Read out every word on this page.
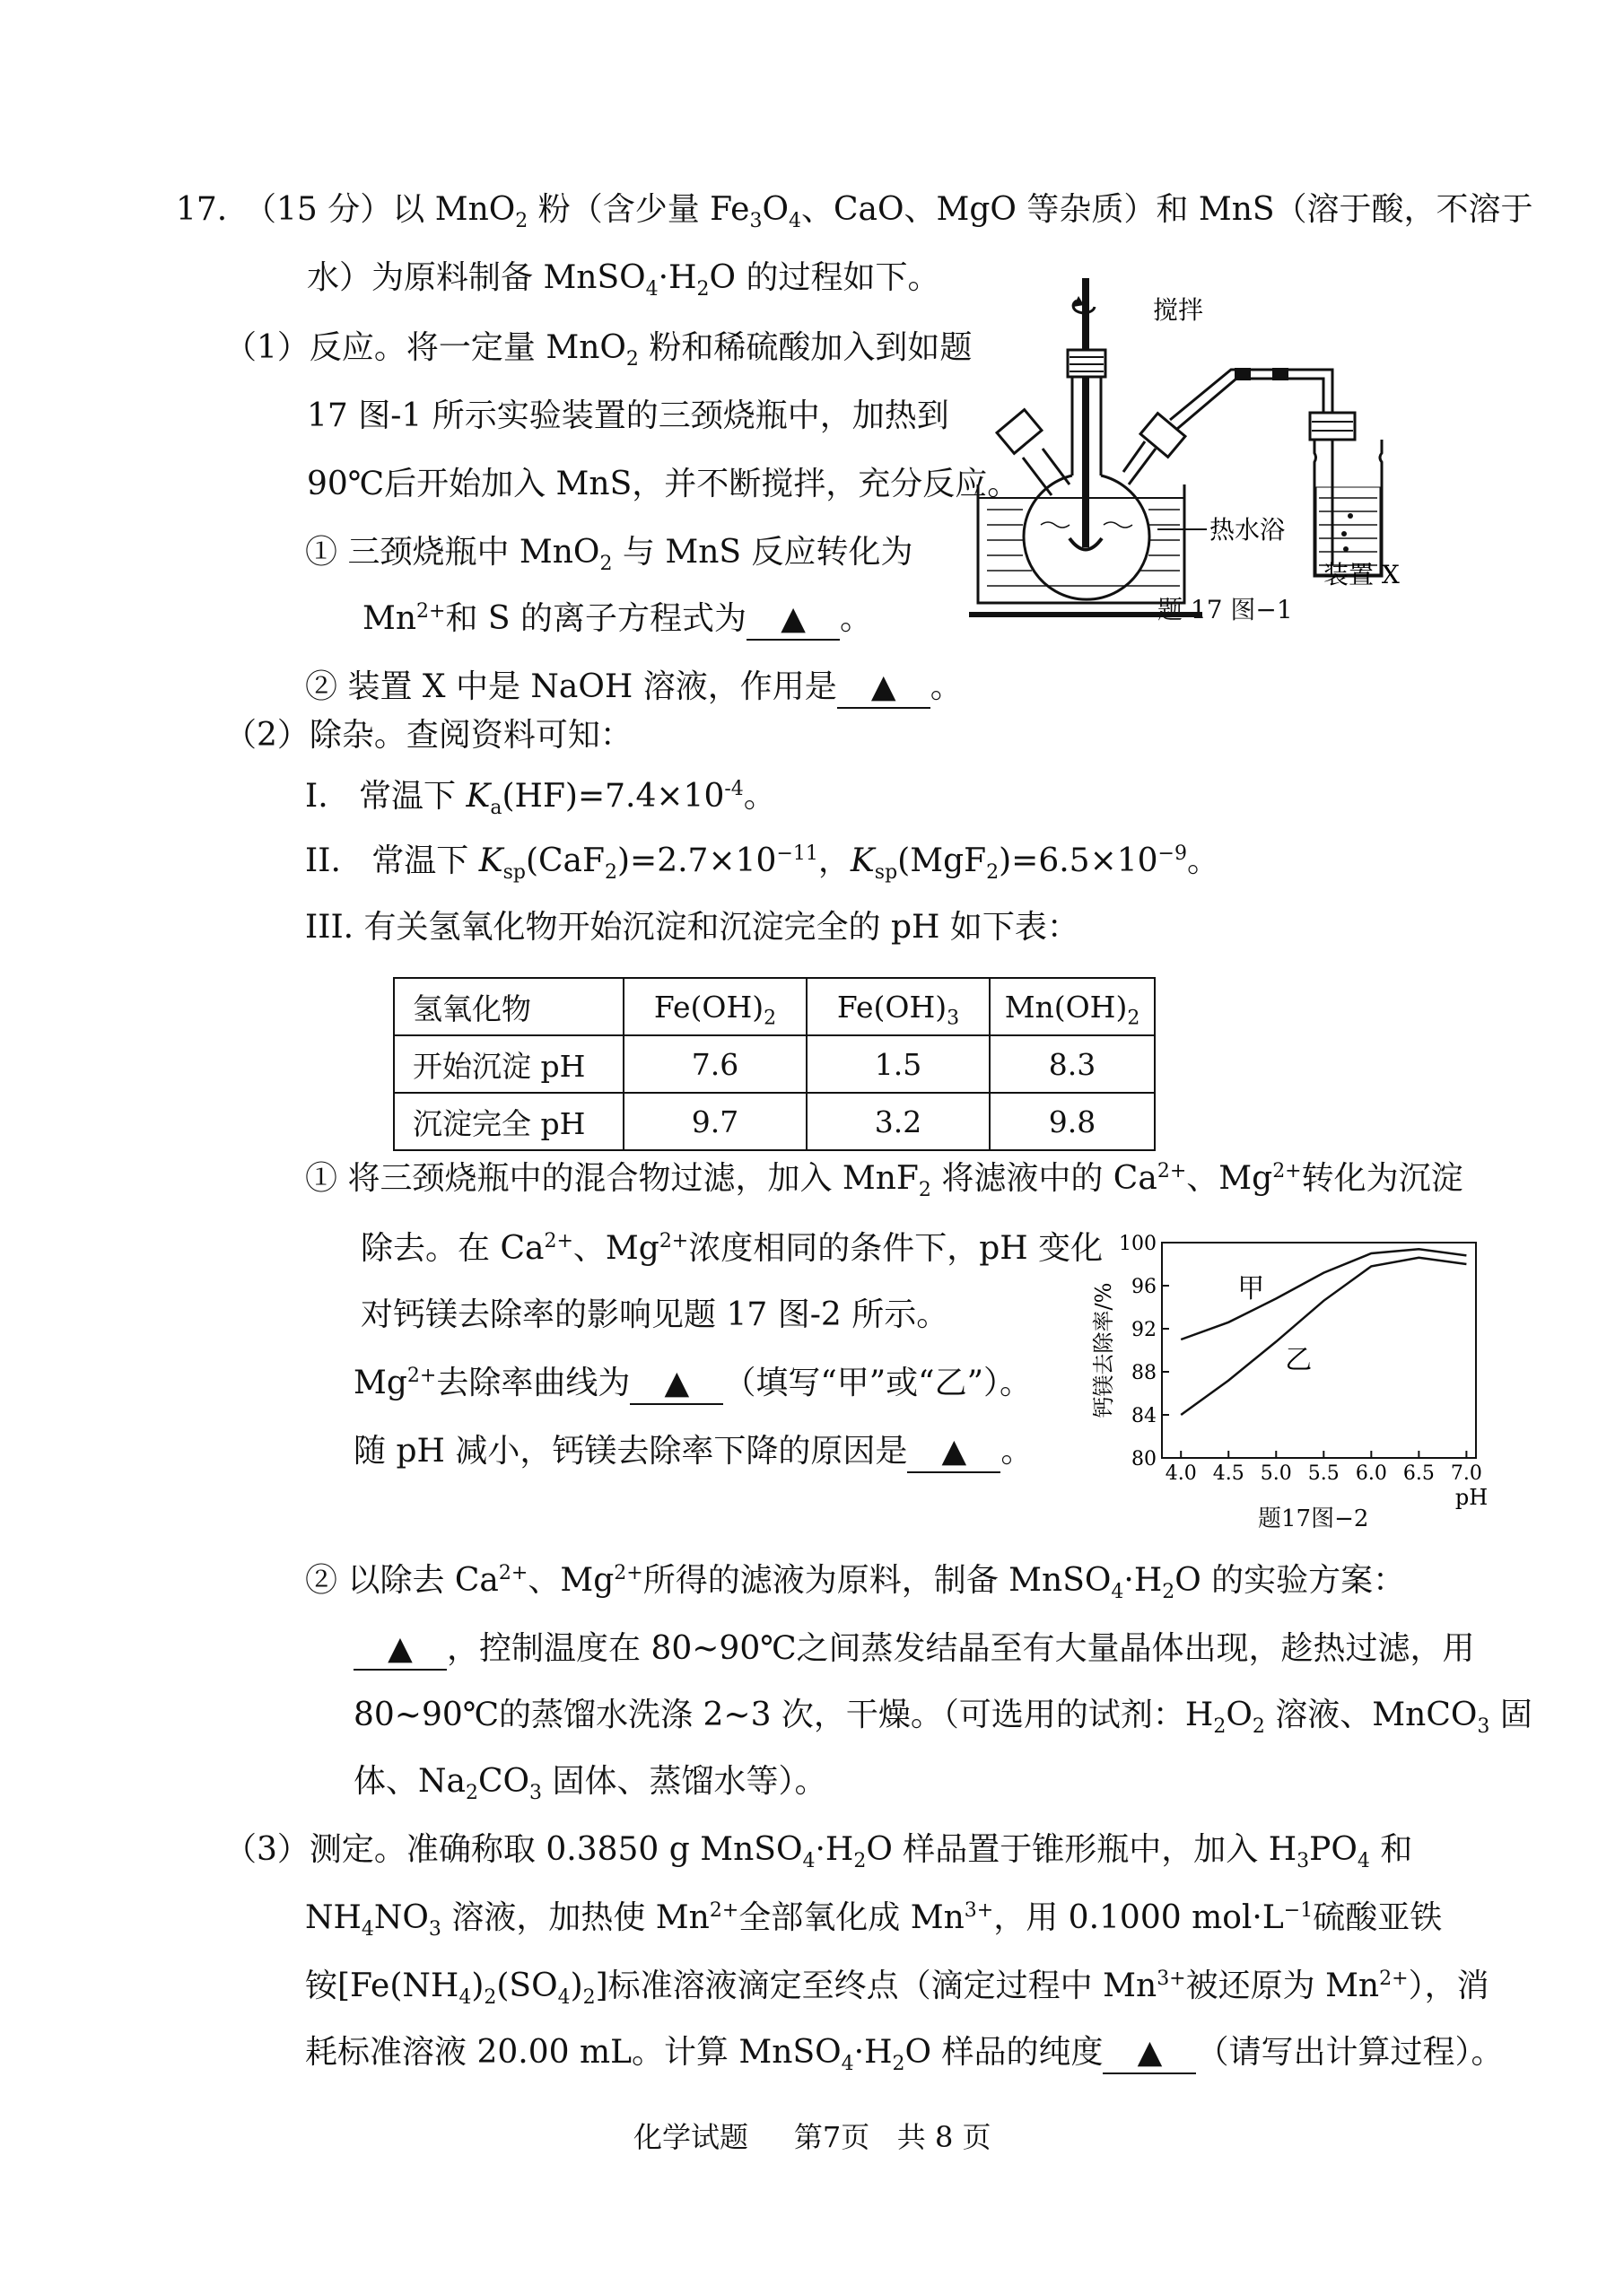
17. （15 分）以 MnO$_2$ 粉（含少量 $Fe_3O_4$、CaO、MgO 等杂质）和 MnS（溶于酸，不溶于
水）为原料制备 $MnSO_4\cdot H_2O$ 的过程如下。
（1）反应。将一定量 MnO$_2$ 粉和稀硫酸加入到如题
17 图-1 所示实验装置的三颈烧瓶中，加热到
90℃后开始加入 MnS，并不断搅拌，充分反应。
① 三颈烧瓶中 MnO$_2$ 与 MnS 反应转化为
$Mn^{2+}$和 S 的离子方程式为 ▲ 。
② 装置 X 中是 NaOH 溶液，作用是 ▲ 。
搅拌
热水浴
装置 X
题 17 图−1
（2）除杂。查阅资料可知：
I. 常温下 $K_a(HF)=7.4\times 10^{-4}$。
II. 常温下 $K_{sp}(CaF_2)=2.7\times 10^{-11}$，$K_{sp}(MgF_2)=6.5\times 10^{-9}$。
III. 有关氢氧化物开始沉淀和沉淀完全的 pH 如下表：
氢氧化物	$Fe(OH)_2$	$Fe(OH)_3$	$Mn(OH)_2$
开始沉淀 pH	7.6	1.5	8.3
沉淀完全 pH	9.7	3.2	9.8
① 将三颈烧瓶中的混合物过滤，加入 MnF$_2$ 将滤液中的 $Ca^{2+}$、$Mg^{2+}$转化为沉淀
除去。在 $Ca^{2+}$、$Mg^{2+}$浓度相同的条件下，pH 变化
对钙镁去除率的影响见题 17 图-2 所示。
$Mg^{2+}$去除率曲线为 ▲ （填写“甲”或“乙”）。
随 pH 减小，钙镁去除率下降的原因是 ▲ 。	80
84
88
92
96
100
4.0 4.5 5.0 5.5 6.0 6.5 7.0
pH
钙镁去除率/%	甲
乙
题17图−2
② 以除去 $Ca^{2+}$、$Mg^{2+}$所得的滤液为原料，制备 $MnSO_4\cdot H_2O$ 的实验方案：
▲ ，控制温度在 80~90℃之间蒸发结晶至有大量晶体出现，趁热过滤，用
80~90℃的蒸馏水洗涤 2~3 次，干燥。（可选用的试剂：$H_2O_2$ 溶液、MnCO$_3$ 固
体、$Na_2CO_3$ 固体、蒸馏水等）。
（3）测定。准确称取 0.3850 g $MnSO_4\cdot H_2O$ 样品置于锥形瓶中，加入 $H_3PO_4$ 和
$NH_4NO_3$ 溶液，加热使 $Mn^{2+}$全部氧化成 $Mn^{3+}$，用 0.1000 $mol\cdot L^{-1}$硫酸亚铁
铵$[Fe(NH_4)_2(SO_4)_2]$标准溶液滴定至终点（滴定过程中 $Mn^{3+}$被还原为 $Mn^{2+}$），消
耗标准溶液 20.00 mL。计算 $MnSO_4\cdot H_2O$ 样品的纯度 ▲ （请写出计算过程）。
化学试题 第7页 共 8 页
